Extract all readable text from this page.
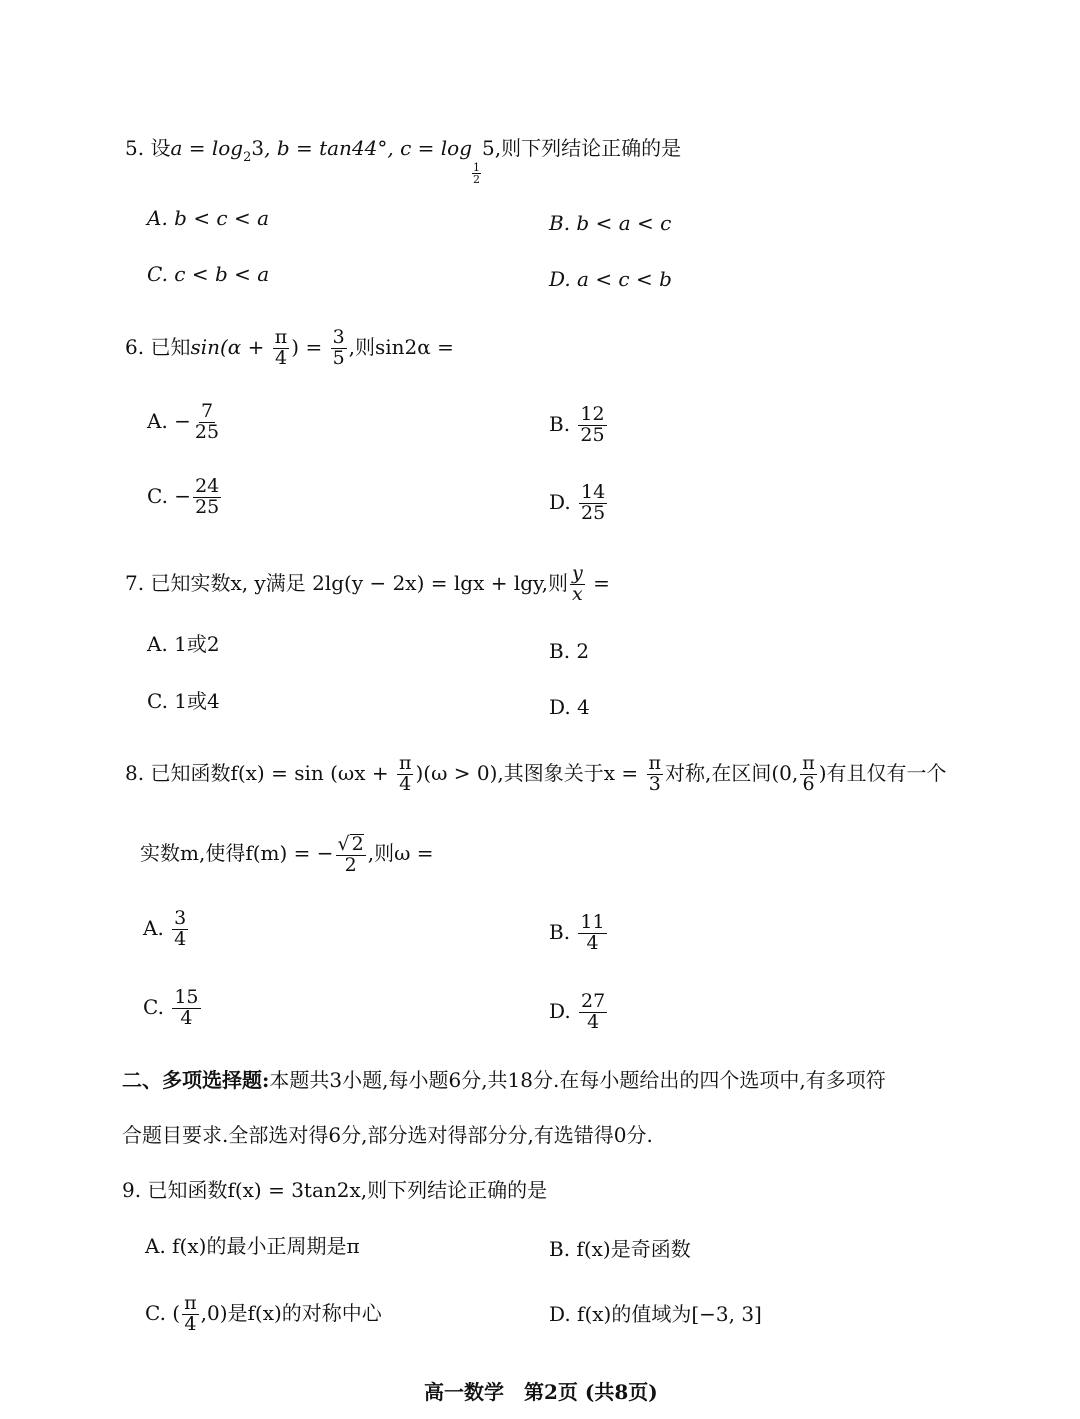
5. 设$a = \log_23$, b = tan44°, c = log
$\frac{1}{2}$
5,则下列结论正确的是
A. b < c < a	B. b < a < c
C. c < b < a	D. a < c < b
6. 已知$\sin(\alpha + \frac{\pi}{4}$ ) = $\frac{3}{5}$ ,则sin2α =
A. − $\frac{7}{25}$	B. $\frac{12}{25}$
C. − $\frac{24}{25}$	D. $\frac{14}{25}$
7. 已知实数x, y满足 2lg(y − 2x) = lgx + lgy,则 $\frac{y}{x}$ =
A. 1或2	B. 2
C. 1或4	D. 4
8. 已知函数$f(x) = \sin (\omega x + \frac{\pi}{4} )(\omega > 0)$,其图象关于$x = \frac{\pi}{3}$ 对称,在区间(0, $\frac{\pi}{6}$ )有且仅有一个
实数m,使得f(m) = − $\frac{√ 2}{2}$ ,则ω =
A. $\frac{3}{4}$	B. $\frac{11}{4}$
C. $\frac{15}{4}$	D. $\frac{27}{4}$
二、多项选择题:本题共3小题,每小题6分,共18分.在每小题给出的四个选项中,有多项符
合题目要求.全部选对得6分,部分选对得部分分,有选错得0分.
9. 已知函数f(x) = 3tan2x,则下列结论正确的是
A. f(x)的最小正周期是π	B. f(x)是奇函数
C. ( $\frac{\pi}{4} ,0$)是f(x)的对称中心	D. f(x)的值域为[−3, 3]
高一数学　第2页 (共8页)
